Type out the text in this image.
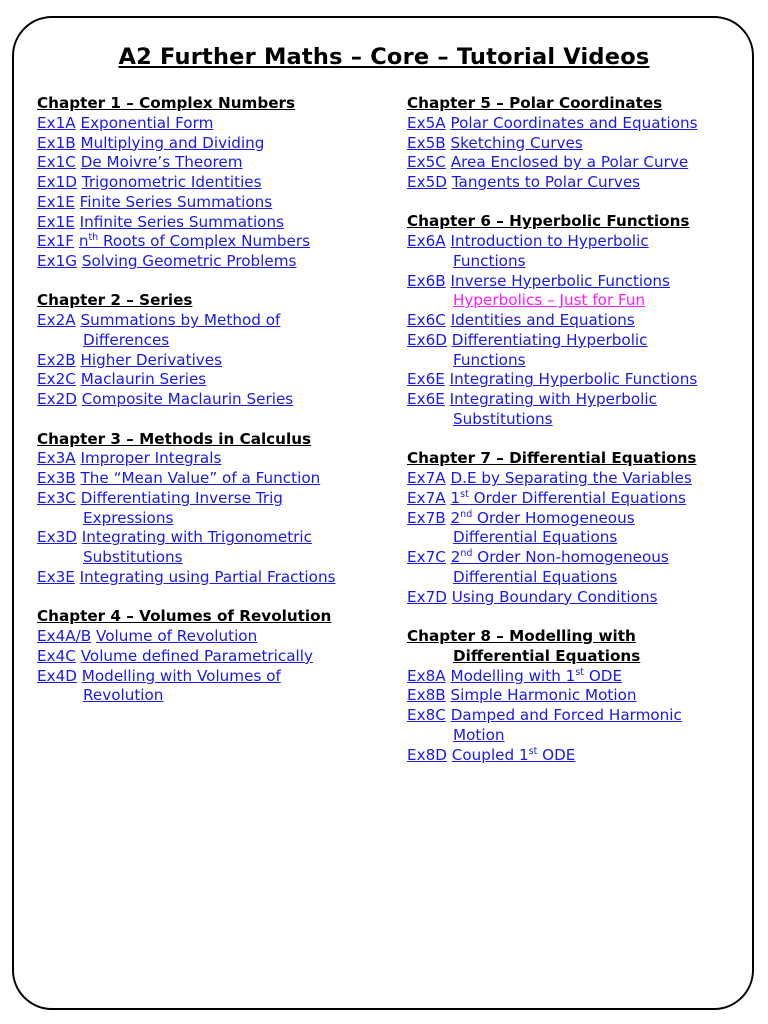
A2 Further Maths – Core – Tutorial Videos
Chapter 1 – Complex Numbers
Ex1A Exponential Form
Ex1B Multiplying and Dividing
Ex1C De Moivre’s Theorem
Ex1D Trigonometric Identities
Ex1E Finite Series Summations
Ex1E Infinite Series Summations
Ex1F $n^{th}$ Roots of Complex Numbers
Ex1G Solving Geometric Problems
Chapter 2 – Series
Ex2A Summations by Method of
Differences
Ex2B Higher Derivatives
Ex2C Maclaurin Series
Ex2D Composite Maclaurin Series
Chapter 3 – Methods in Calculus
Ex3A Improper Integrals
Ex3B The “Mean Value” of a Function
Ex3C Differentiating Inverse Trig
Expressions
Ex3D Integrating with Trigonometric
Substitutions
Ex3E Integrating using Partial Fractions
Chapter 4 – Volumes of Revolution
Ex4A/B Volume of Revolution
Ex4C Volume defined Parametrically
Ex4D Modelling with Volumes of
Revolution
Chapter 5 – Polar Coordinates
Ex5A Polar Coordinates and Equations
Ex5B Sketching Curves
Ex5C Area Enclosed by a Polar Curve
Ex5D Tangents to Polar Curves
Chapter 6 – Hyperbolic Functions
Ex6A Introduction to Hyperbolic
Functions
Ex6B Inverse Hyperbolic Functions
Hyperbolics – Just for Fun
Ex6C Identities and Equations
Ex6D Differentiating Hyperbolic
Functions
Ex6E Integrating Hyperbolic Functions
Ex6E Integrating with Hyperbolic
Substitutions
Chapter 7 – Differential Equations
Ex7A D.E by Separating the Variables
Ex7A 1st Order Differential Equations
Ex7B 2nd Order Homogeneous
Differential Equations
Ex7C 2nd Order Non-homogeneous
Differential Equations
Ex7D Using Boundary Conditions
Chapter 8 – Modelling with
Differential Equations
Ex8A Modelling with 1st ODE
Ex8B Simple Harmonic Motion
Ex8C Damped and Forced Harmonic
Motion
Ex8D Coupled 1st ODE
